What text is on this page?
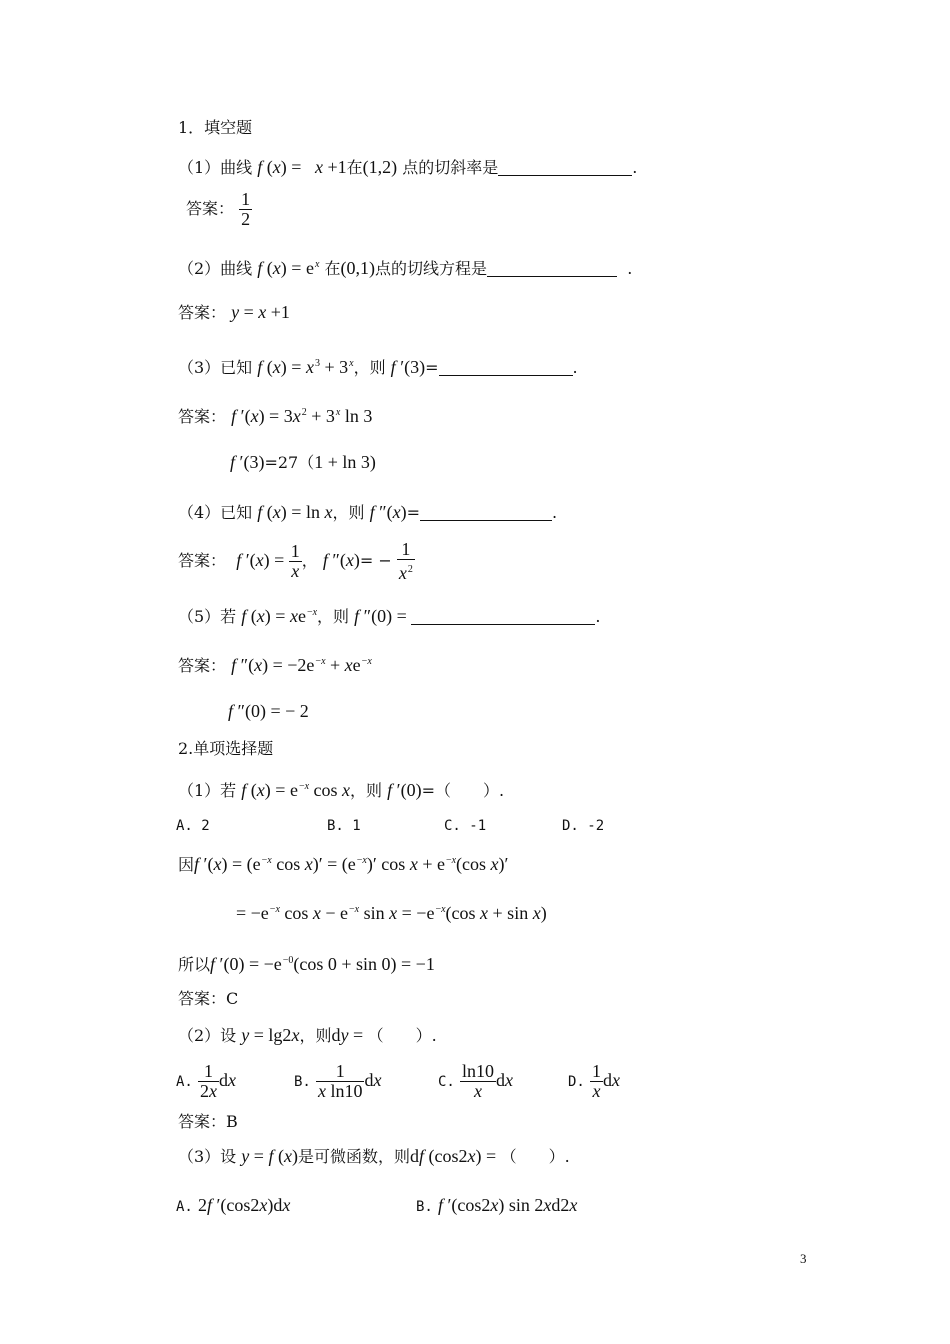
1．填空题
（1）曲线 f (x) =   x +1在(1,2) 点的切斜率是	.
答案： $\frac{1}{2}$
（2）曲线 f $(x) = e^x$ 在(0,1)点的切线方程是	.
答案： y = x +1
（3）已知 f $(x) = x^3 + 3^x$，则 f ′(3)=	.
答案： f $'(x) = 3x^2 + 3^x$ ln 3
f ′(3)=27（1 + ln 3)
（4）已知 f (x) = ln x，则 f ″(x)=	.
答案： f $'(x) = \frac{1}{x}$ ， f $''(x)= - \frac{1}{x^2}$
（5）若 f $(x) = xe^{-x}$，则 f ″(0) =	.
答案： f $''(x) = -2e^{-x} + xe^{-x}$
f ″(0) = − 2
2.单项选择题
（1）若 f $(x) = e^{-x}$ cos x，则 f ′(0)=（　　）.
A. 2	B. 1	C. -1	D. -2
因f $'(x) = (e^{-x}$ $\cos x)' = (e^{-x})'$ $\cos x + e^{-x}(\cos$ x)′
= $-e^{-x}$ $\cos x - e^{-x}$ $\sin x = -e^{-x}(\cos$ x + sin x)
所以f $'(0) = -e^{-0}(\cos$ 0 + sin 0) = −1
答案：C
（2）设 y = lg2x，则dy = （　　）.
A. $\frac{1}{2x}$ dx	B. $\frac{1}{\text{x ln10}}$ dx	C. $\frac{\ln 10}{x}$ dx	D. $\frac{1}{x}$ dx
答案：B
（3）设 y = f (x)是可微函数，则df (cos2x) = （　　）.
A. 2f ′(cos2x)dx	B. f ′(cos2x) sin 2xd2x
3
